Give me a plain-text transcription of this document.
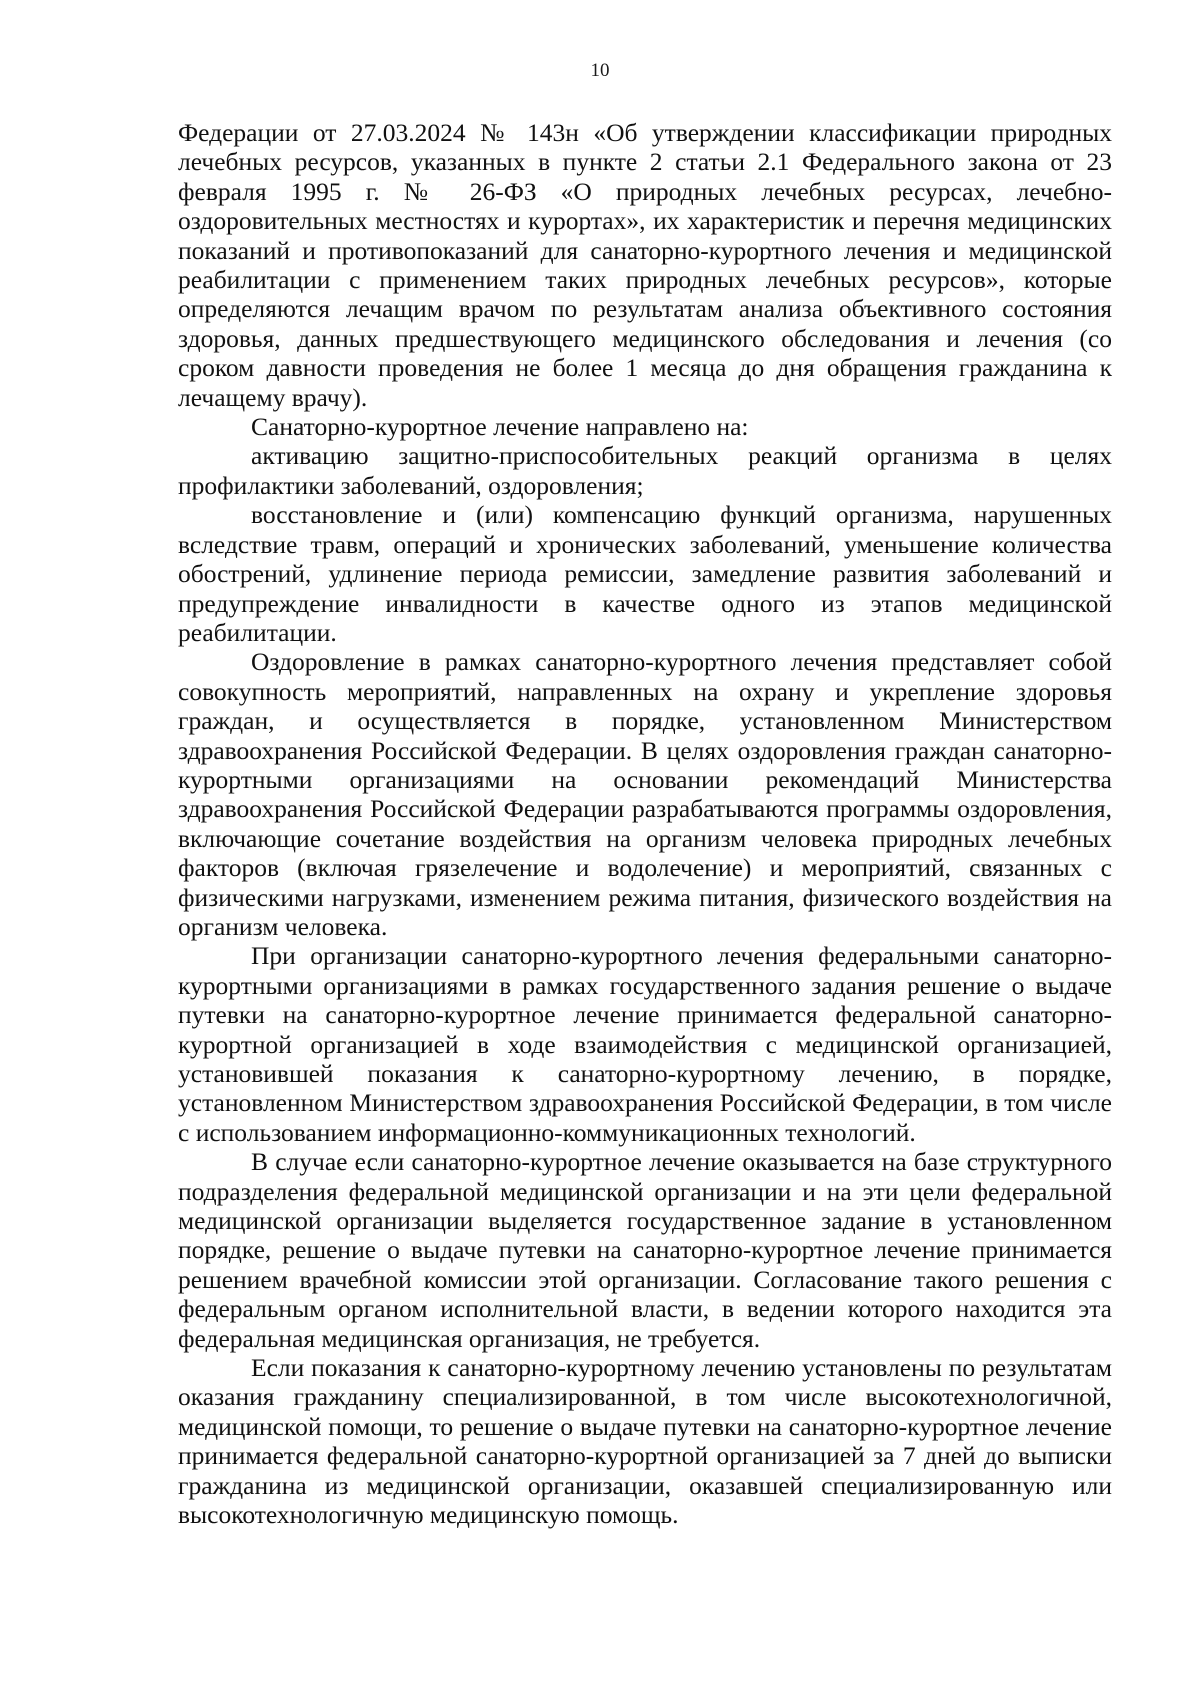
10

Федерации от 27.03.2024 № 143н «Об утверждении классификации природных лечебных ресурсов, указанных в пункте 2 статьи 2.1 Федерального закона от 23 февраля 1995 г. № 26-ФЗ «О природных лечебных ресурсах, лечебно-оздоровительных местностях и курортах», их характеристик и перечня медицинских показаний и противопоказаний для санаторно-курортного лечения и медицинской реабилитации с применением таких природных лечебных ресурсов», которые определяются лечащим врачом по результатам анализа объективного состояния здоровья, данных предшествующего медицинского обследования и лечения (со сроком давности проведения не более 1 месяца до дня обращения гражданина к лечащему врачу).

Санаторно-курортное лечение направлено на:

активацию защитно-приспособительных реакций организма в целях профилактики заболеваний, оздоровления;

восстановление и (или) компенсацию функций организма, нарушенных вследствие травм, операций и хронических заболеваний, уменьшение количества обострений, удлинение периода ремиссии, замедление развития заболеваний и предупреждение инвалидности в качестве одного из этапов медицинской реабилитации.

Оздоровление в рамках санаторно-курортного лечения представляет собой совокупность мероприятий, направленных на охрану и укрепление здоровья граждан, и осуществляется в порядке, установленном Министерством здравоохранения Российской Федерации. В целях оздоровления граждан санаторно-курортными организациями на основании рекомендаций Министерства здравоохранения Российской Федерации разрабатываются программы оздоровления, включающие сочетание воздействия на организм человека природных лечебных факторов (включая грязелечение и водолечение) и мероприятий, связанных с физическими нагрузками, изменением режима питания, физического воздействия на организм человека.

При организации санаторно-курортного лечения федеральными санаторно-курортными организациями в рамках государственного задания решение о выдаче путевки на санаторно-курортное лечение принимается федеральной санаторно-курортной организацией в ходе взаимодействия с медицинской организацией, установившей показания к санаторно-курортному лечению, в порядке, установленном Министерством здравоохранения Российской Федерации, в том числе с использованием информационно-коммуникационных технологий.

В случае если санаторно-курортное лечение оказывается на базе структурного подразделения федеральной медицинской организации и на эти цели федеральной медицинской организации выделяется государственное задание в установленном порядке, решение о выдаче путевки на санаторно-курортное лечение принимается решением врачебной комиссии этой организации. Согласование такого решения с федеральным органом исполнительной власти, в ведении которого находится эта федеральная медицинская организация, не требуется.

Если показания к санаторно-курортному лечению установлены по результатам оказания гражданину специализированной, в том числе высокотехнологичной, медицинской помощи, то решение о выдаче путевки на санаторно-курортное лечение принимается федеральной санаторно-курортной организацией за 7 дней до выписки гражданина из медицинской организации, оказавшей специализированную или высокотехнологичную медицинскую помощь.
